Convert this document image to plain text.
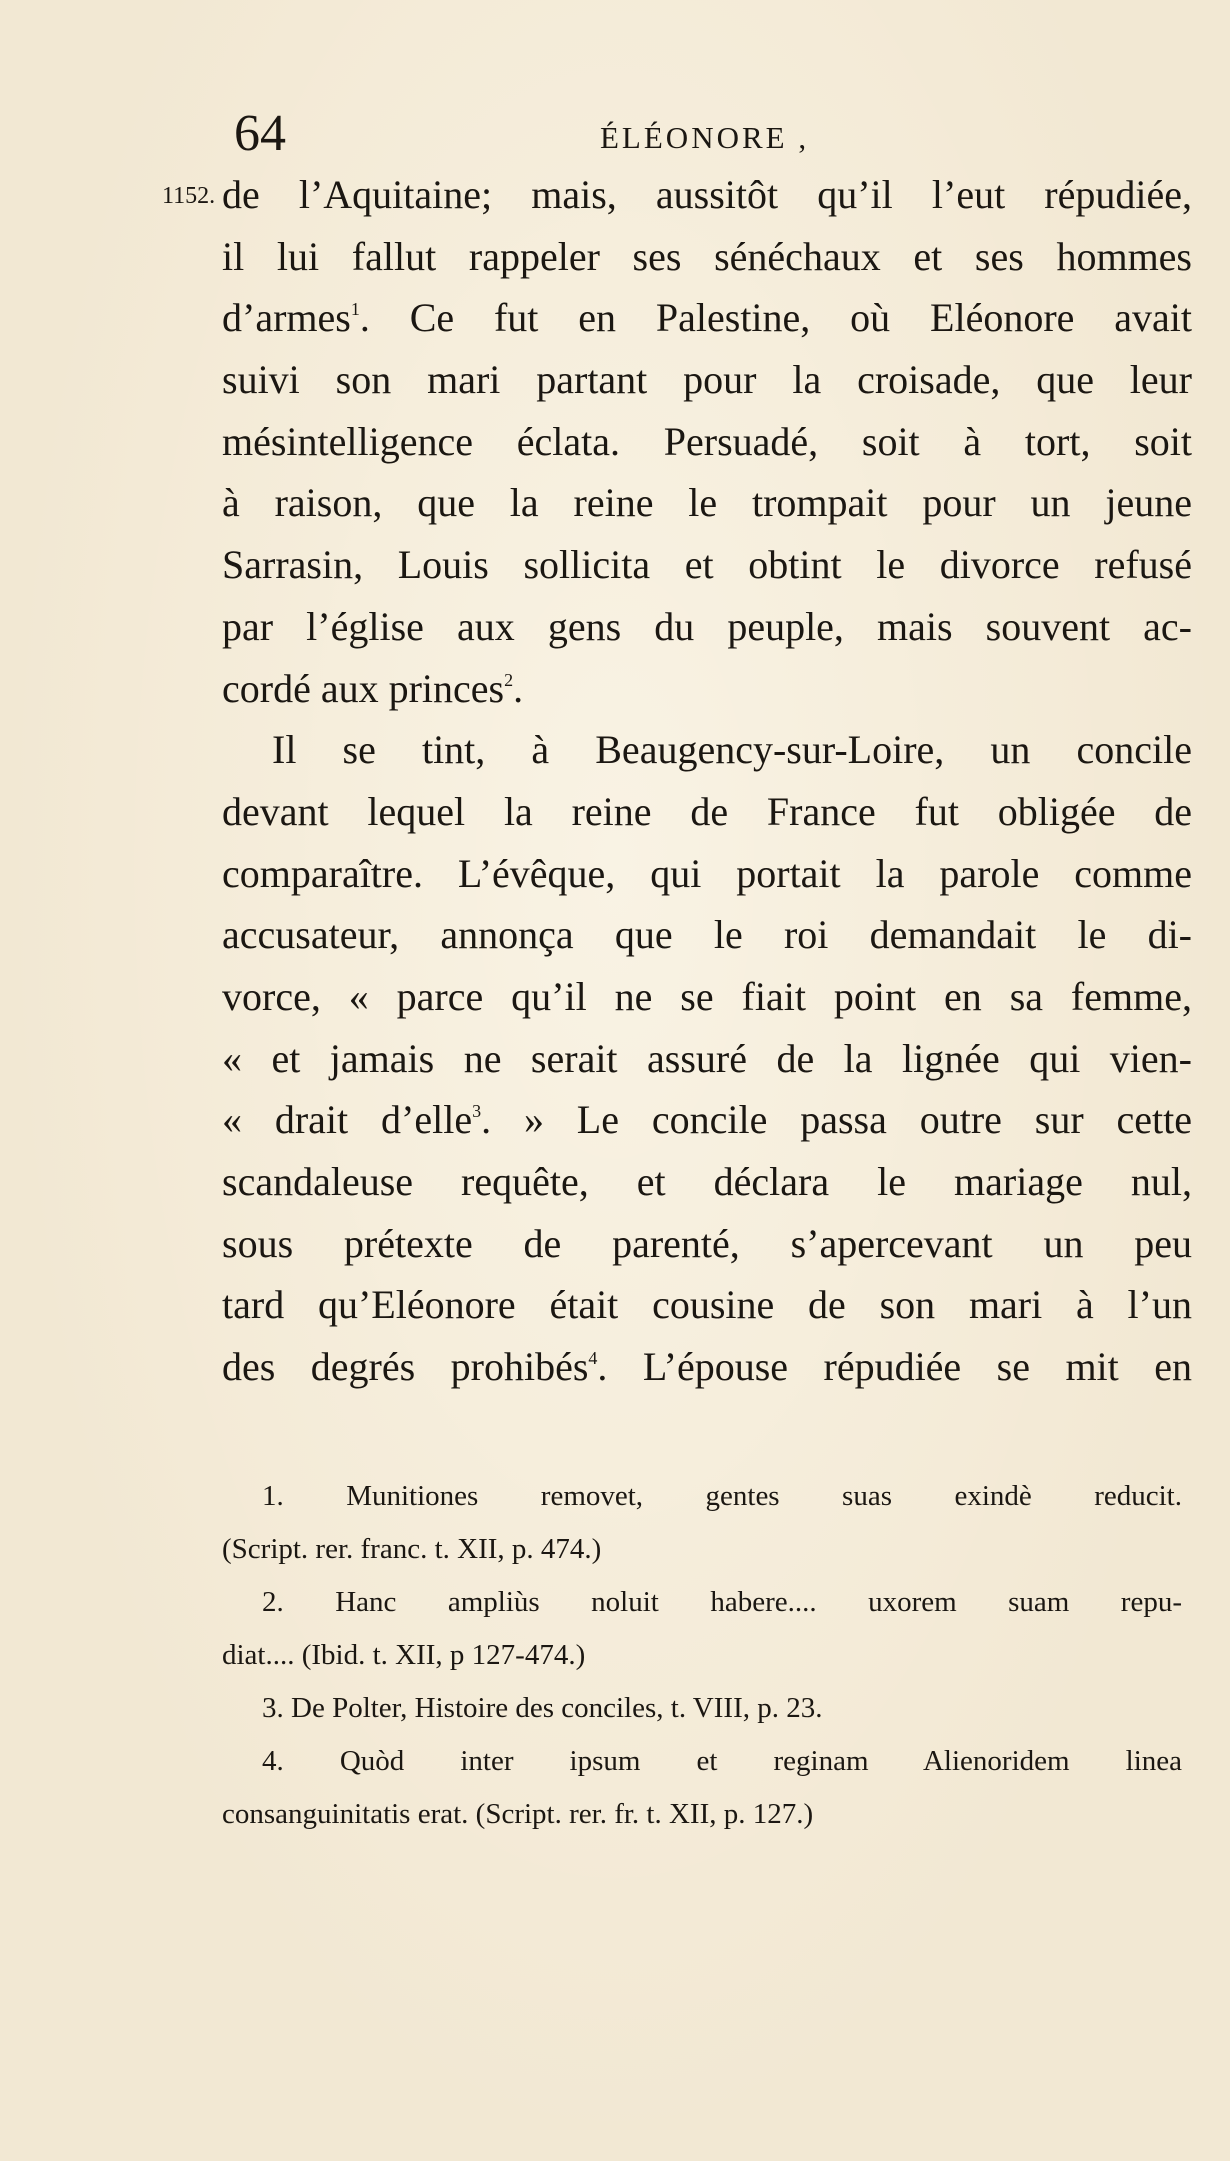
64	ÉLÉONORE ,
1152. de l’Aquitaine; mais, aussitôt qu’il l’eut répudiée,
il lui fallut rappeler ses sénéchaux et ses hommes
d’armes$^1$. Ce fut en Palestine, où Eléonore avait
suivi son mari partant pour la croisade, que leur
mésintelligence éclata. Persuadé, soit à tort, soit
à raison, que la reine le trompait pour un jeune
Sarrasin, Louis sollicita et obtint le divorce refusé
par l’église aux gens du peuple, mais souvent ac-
cordé aux princes$^2$.
Il se tint, à Beaugency-sur-Loire, un concile
devant lequel la reine de France fut obligée de
comparaître. L’évêque, qui portait la parole comme
accusateur, annonça que le roi demandait le di-
vorce, « parce qu’il ne se fiait point en sa femme,
« et jamais ne serait assuré de la lignée qui vien-
« drait d’elle$^3$. » Le concile passa outre sur cette
scandaleuse requête, et déclara le mariage nul,
sous prétexte de parenté, s’apercevant un peu
tard qu’Eléonore était cousine de son mari à l’un
des degrés prohibés$^4$. L’épouse répudiée se mit en
1. Munitiones removet, gentes suas exindè reducit.
(Script. rer. franc. t. XII, p. 474.)
2. Hanc ampliùs noluit habere.... uxorem suam repu-
diat.... (Ibid. t. XII, p 127-474.)
3. De Polter, Histoire des conciles, t. VIII, p. 23.
4. Quòd inter ipsum et reginam Alienoridem linea
consanguinitatis erat. (Script. rer. fr. t. XII, p. 127.)
